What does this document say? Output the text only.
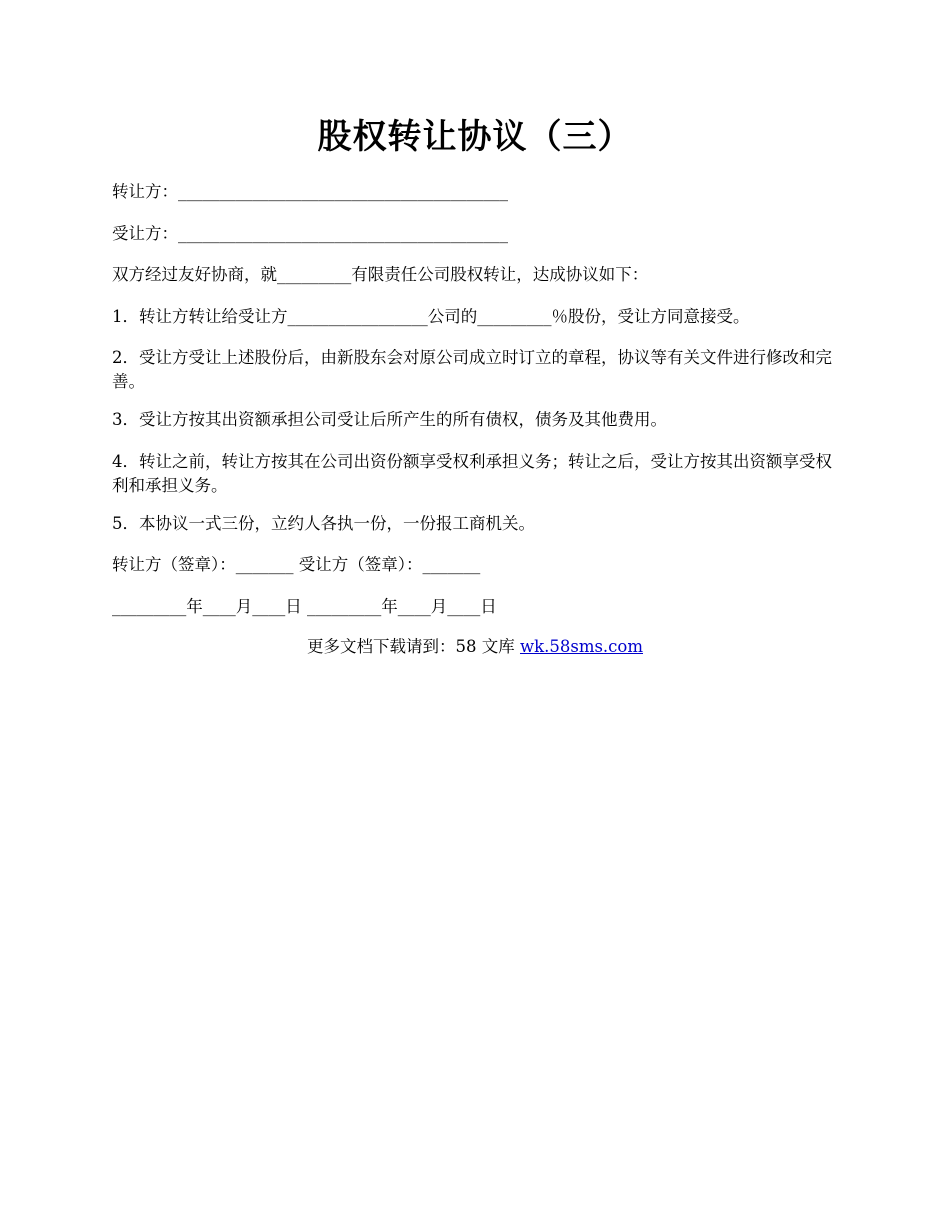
股权转让协议（三）
转让方：________________________________________
受让方：________________________________________
双方经过友好协商，就_________有限责任公司股权转让，达成协议如下：
1．转让方转让给受让方_________________公司的_________％股份，受让方同意接受。
2．受让方受让上述股份后，由新股东会对原公司成立时订立的章程，协议等有关文件进行修改和完善。
3．受让方按其出资额承担公司受让后所产生的所有债权，债务及其他费用。
4．转让之前，转让方按其在公司出资份额享受权利承担义务；转让之后，受让方按其出资额享受权利和承担义务。
5．本协议一式三份，立约人各执一份，一份报工商机关。
转让方（签章）：_______ 受让方（签章）：_______
_________年____月____日 _________年____月____日
更多文档下载请到：58 文库 wk.58sms.com
